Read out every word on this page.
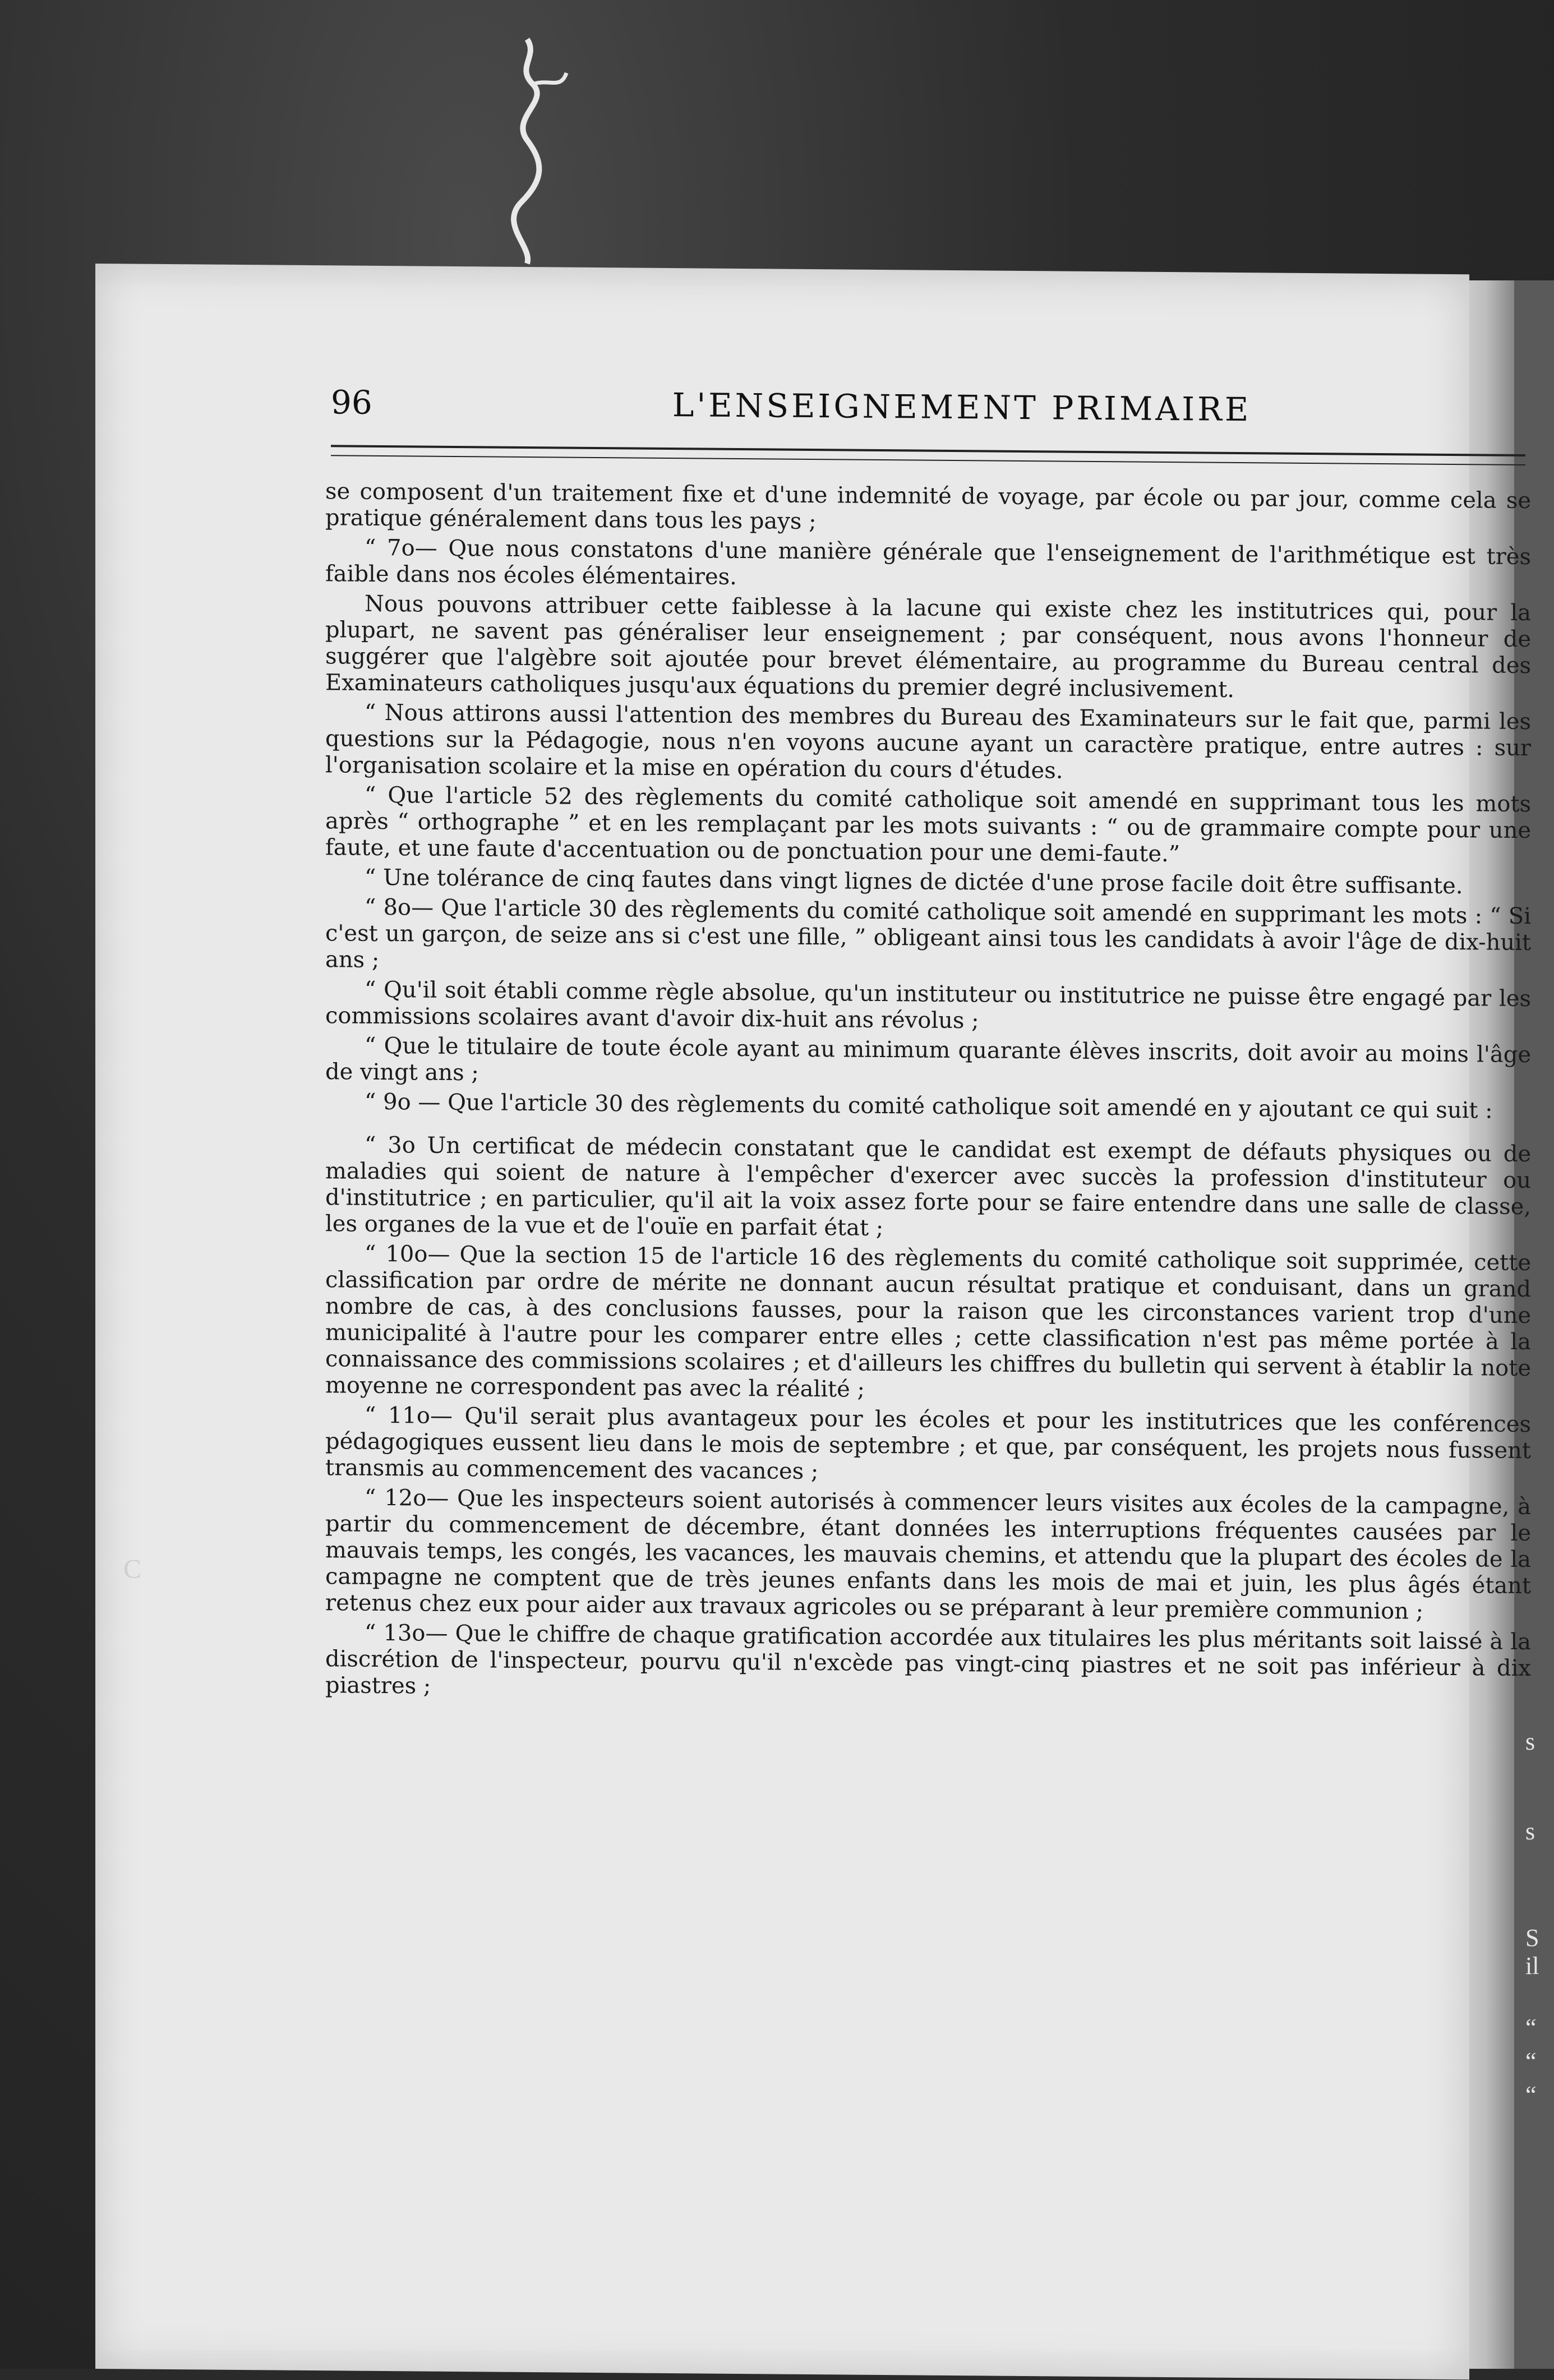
s
s
S
il
“
“
“
C
96	L'ENSEIGNEMENT PRIMAIRE

se composent d'un traitement fixe et d'une indemnité de voyage, par école ou par jour, comme cela se pratique généralement dans tous les pays ;

“ 7o— Que nous constatons d'une manière générale que l'enseignement de l'arithmétique est très faible dans nos écoles élémentaires.

Nous pouvons attribuer cette faiblesse à la lacune qui existe chez les institutrices qui, pour la plupart, ne savent pas généraliser leur enseignement ; par conséquent, nous avons l'honneur de suggérer que l'algèbre soit ajoutée pour brevet élémentaire, au programme du Bureau central des Examinateurs catholiques jusqu'aux équations du premier degré inclusivement.

“ Nous attirons aussi l'attention des membres du Bureau des Examinateurs sur le fait que, parmi les questions sur la Pédagogie, nous n'en voyons aucune ayant un caractère pratique, entre autres : sur l'organisation scolaire et la mise en opération du cours d'études.

“ Que l'article 52 des règlements du comité catholique soit amendé en supprimant tous les mots après “ orthographe ” et en les remplaçant par les mots suivants : “ ou de grammaire compte pour une faute, et une faute d'accentuation ou de ponctuation pour une demi-faute.”

“ Une tolérance de cinq fautes dans vingt lignes de dictée d'une prose facile doit être suffisante.

“ 8o— Que l'article 30 des règlements du comité catholique soit amendé en supprimant les mots : “ Si c'est un garçon, de seize ans si c'est une fille, ” obligeant ainsi tous les candidats à avoir l'âge de dix-huit ans ;

“ Qu'il soit établi comme règle absolue, qu'un instituteur ou institutrice ne puisse être engagé par les commissions scolaires avant d'avoir dix-huit ans révolus ;

“ Que le titulaire de toute école ayant au minimum quarante élèves inscrits, doit avoir au moins l'âge de vingt ans ;

“ 9o — Que l'article 30 des règlements du comité catholique soit amendé en y ajoutant ce qui suit :

“ 3o Un certificat de médecin constatant que le candidat est exempt de défauts physiques ou de maladies qui soient de nature à l'empêcher d'exercer avec succès la profession d'instituteur ou d'institutrice ; en particulier, qu'il ait la voix assez forte pour se faire entendre dans une salle de classe, les organes de la vue et de l'ouïe en parfait état ;

“ 10o— Que la section 15 de l'article 16 des règlements du comité catholique soit supprimée, cette classification par ordre de mérite ne donnant aucun résultat pratique et conduisant, dans un grand nombre de cas, à des conclusions fausses, pour la raison que les circonstances varient trop d'une municipalité à l'autre pour les comparer entre elles ; cette classification n'est pas même portée à la connaissance des commissions scolaires ; et d'ailleurs les chiffres du bulletin qui servent à établir la note moyenne ne correspondent pas avec la réalité ;

“ 11o— Qu'il serait plus avantageux pour les écoles et pour les institutrices que les conférences pédagogiques eussent lieu dans le mois de septembre ; et que, par conséquent, les projets nous fussent transmis au commencement des vacances ;

“ 12o— Que les inspecteurs soient autorisés à commencer leurs visites aux écoles de la campagne, à partir du commencement de décembre, étant données les interruptions fréquentes causées par le mauvais temps, les congés, les vacances, les mauvais chemins, et attendu que la plupart des écoles de la campagne ne comptent que de très jeunes enfants dans les mois de mai et juin, les plus âgés étant retenus chez eux pour aider aux travaux agricoles ou se préparant à leur première communion ;

“ 13o— Que le chiffre de chaque gratification accordée aux titulaires les plus méritants soit laissé à la discrétion de l'inspecteur, pourvu qu'il n'excède pas vingt-cinq piastres et ne soit pas inférieur à dix piastres ;
